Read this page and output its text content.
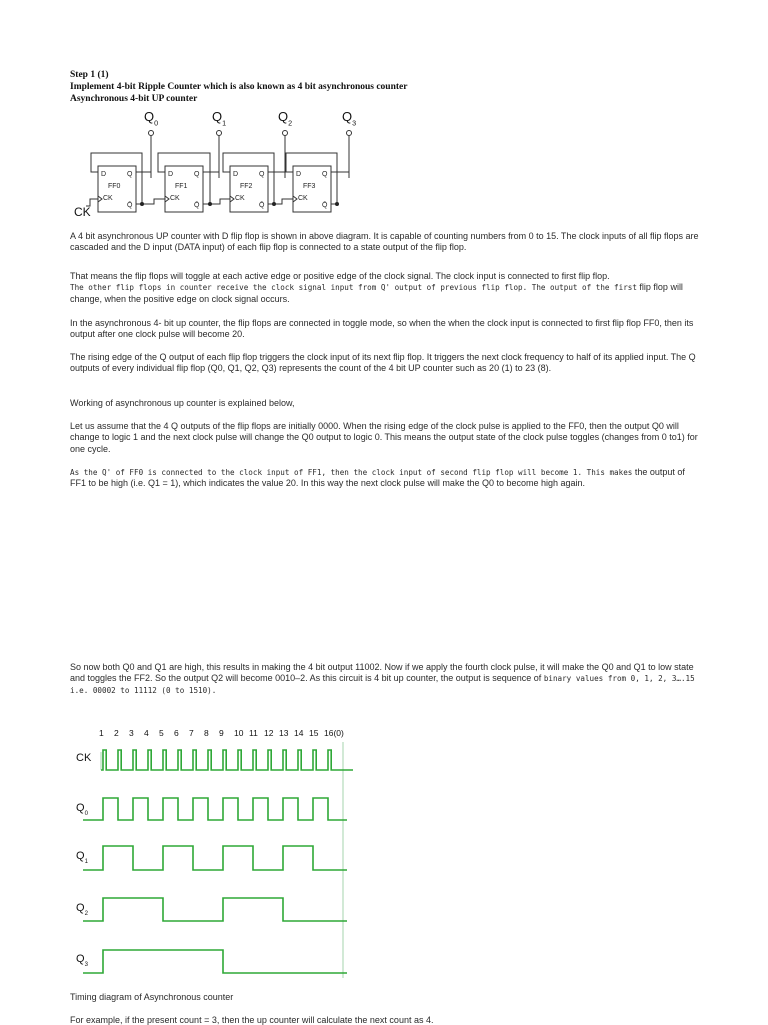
Step 1 (1)
Implement 4-bit Ripple Counter which is also known as 4 bit asynchronous counter
Asynchronous 4-bit UP counter
$Q_0$	$Q_1$	$Q_2$	$Q_3$
D	Q
FF0
CK
Q̄
D	Q
FF1
CK
Q̄
D	Q
FF2
CK
Q̄
D	Q
FF3
CK
Q̄
CK

A 4 bit asynchronous UP counter with D flip flop is shown in above diagram. It is capable of counting numbers from 0 to 15. The clock inputs of all flip flops are cascaded and the D input (DATA input) of each flip flop is connected to a state output of the flip flop.

That means the flip flops will toggle at each active edge or positive edge of the clock signal. The clock input is connected to first flip flop.
The other flip flops in counter receive the clock signal input from Q' output of previous flip flop. The output of the first flip flop will change, when the positive edge on clock signal occurs.

In the asynchronous 4- bit up counter, the flip flops are connected in toggle mode, so when the when the clock input is connected to first flip flop FF0, then its output after one clock pulse will become 20.

The rising edge of the Q output of each flip flop triggers the clock input of its next flip flop. It triggers the next clock frequency to half of its applied input. The Q outputs of every individual flip flop (Q0, Q1, Q2, Q3) represents the count of the 4 bit UP counter such as 20 (1) to 23 (8).

Working of asynchronous up counter is explained below,

Let us assume that the 4 Q outputs of the flip flops are initially 0000. When the rising edge of the clock pulse is applied to the FF0, then the output Q0 will change to logic 1 and the next clock pulse will change the Q0 output to logic 0. This means the output state of the clock pulse toggles (changes from 0 to1) for one cycle.

As the Q' of FF0 is connected to the clock input of FF1, then the clock input of second flip flop will become 1. This makes the output of FF1 to be high (i.e. Q1 = 1), which indicates the value 20. In this way the next clock pulse will make the Q0 to become high again.
So now both Q0 and Q1 are high, this results in making the 4 bit output 11002. Now if we apply the fourth clock pulse, it will make the Q0 and Q1 to low state and toggles the FF2. So the output Q2 will become 0010–2. As this circuit is 4 bit up counter, the output is sequence of binary values from 0, 1, 2, 3….15 i.e. 00002 to 11112 (0 to 1510).
1 2 3 4 5 6 7 8 9 10 11 12 13 14 15 16(0)
CK
$Q_0$
$Q_1$
$Q_2$
$Q_3$
Timing diagram of Asynchronous counter
For example, if the present count = 3, then the up counter will calculate the next count as 4.
